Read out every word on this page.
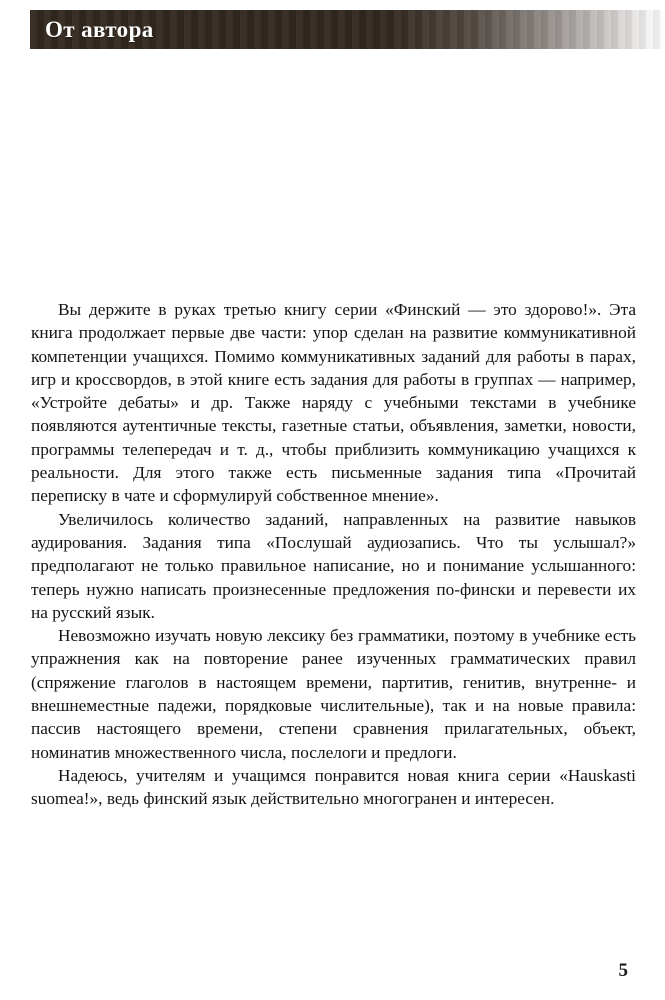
От автора

Вы держите в руках третью книгу серии «Финский — это здорово!». Эта книга продолжает первые две части: упор сделан на развитие коммуникативной компетенции учащихся. Помимо коммуникативных заданий для работы в парах, игр и кроссвордов, в этой книге есть задания для работы в группах — например, «Устройте дебаты» и др. Также наряду с учебными текстами в учебнике появляются аутентичные тексты, газетные статьи, объявления, заметки, новости, программы телепередач и т. д., чтобы приблизить коммуникацию учащихся к реальности. Для этого также есть письменные задания типа «Прочитай переписку в чате и сформулируй собственное мнение».

Увеличилось количество заданий, направленных на развитие навыков аудирования. Задания типа «Послушай аудиозапись. Что ты услышал?» предполагают не только правильное написание, но и понимание услышанного: теперь нужно написать произнесенные предложения по-фински и перевести их на русский язык.

Невозможно изучать новую лексику без грамматики, поэтому в учебнике есть упражнения как на повторение ранее изученных грамматических правил (спряжение глаголов в настоящем времени, партитив, генитив, внутренне- и внешнеместные падежи, порядковые числительные), так и на новые правила: пассив настоящего времени, степени сравнения прилагательных, объект, номинатив множественного числа, послелоги и предлоги.

Надеюсь, учителям и учащимся понравится новая книга серии «Hauskasti suomea!», ведь финский язык действительно многогранен и интересен.

5
